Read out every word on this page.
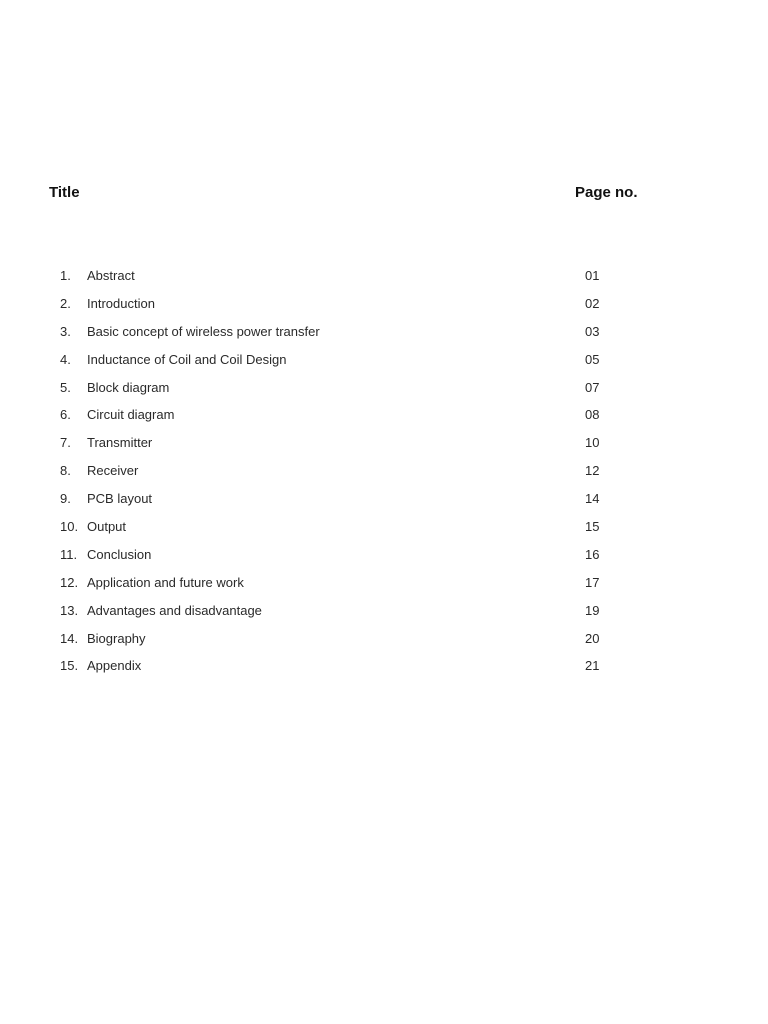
Title	Page no.
1.	Abstract	01
2.	Introduction	02
3.	Basic concept of wireless power transfer	03
4.	Inductance of Coil and Coil Design	05
5.	Block diagram	07
6.	Circuit diagram	08
7.	Transmitter	10
8.	Receiver	12
9.	PCB layout	14
10. Output	15
11. Conclusion	16
12. Application and future work	17
13. Advantages and disadvantage	19
14. Biography	20
15. Appendix	21
